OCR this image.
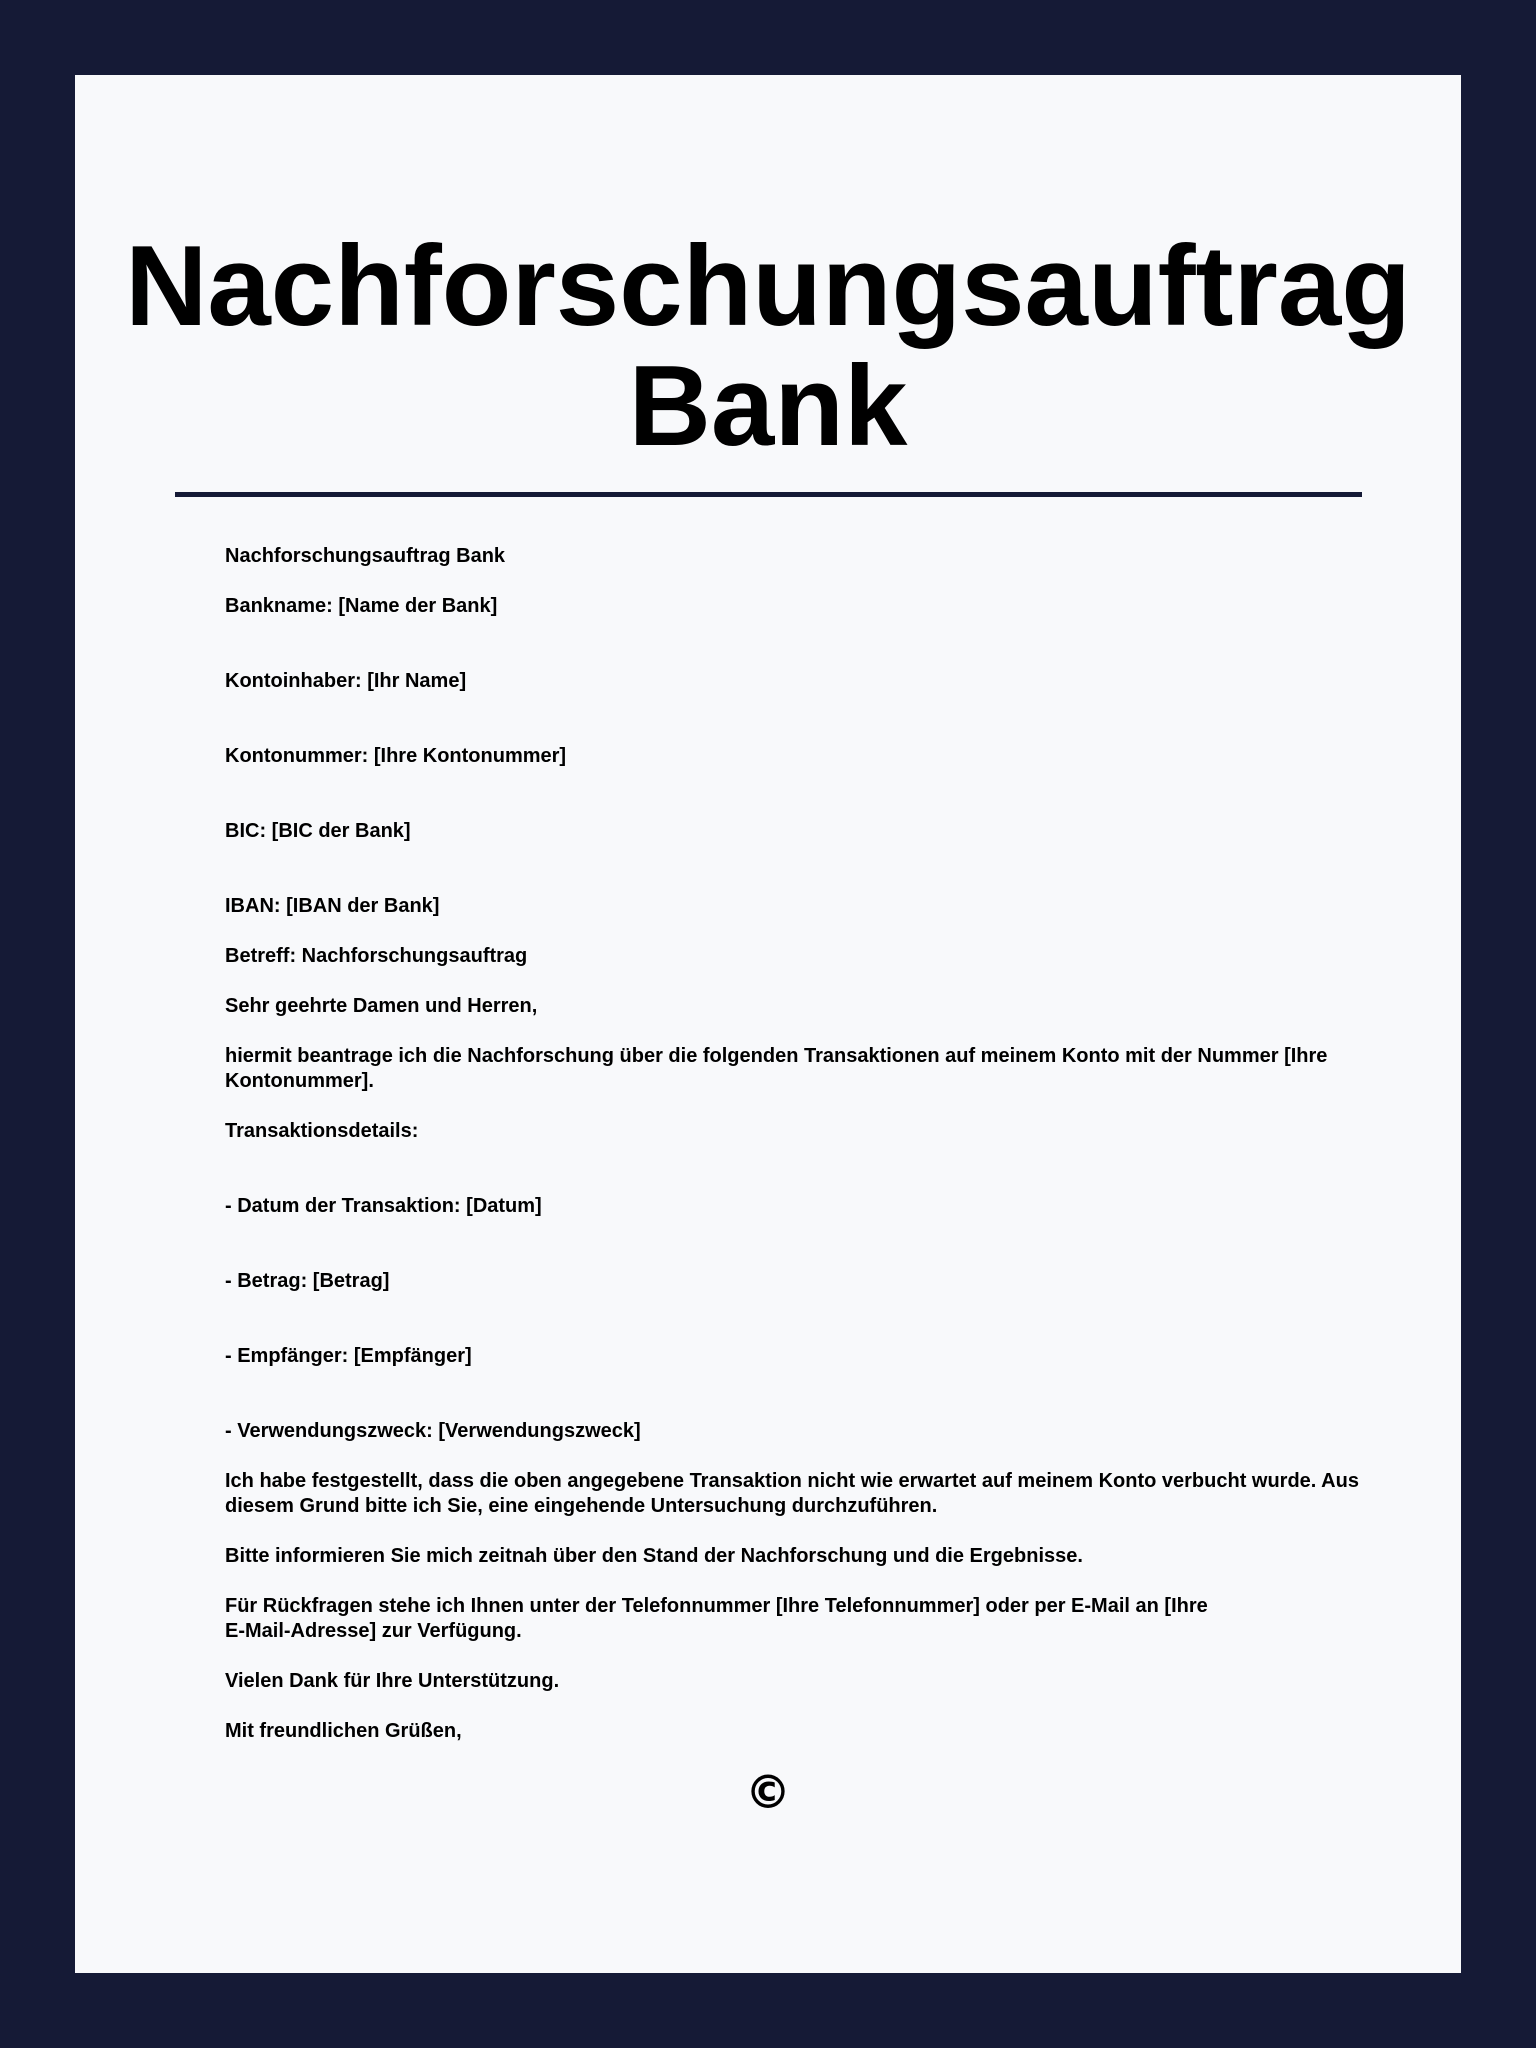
Nachforschungsauftrag Bank

Nachforschungsauftrag Bank

Bankname: [Name der Bank]

Kontoinhaber: [Ihr Name]

Kontonummer: [Ihre Kontonummer]

BIC: [BIC der Bank]

IBAN: [IBAN der Bank]

Betreff: Nachforschungsauftrag

Sehr geehrte Damen und Herren,

hiermit beantrage ich die Nachforschung über die folgenden Transaktionen auf meinem Konto mit der Nummer [Ihre Kontonummer].

Transaktionsdetails:

- Datum der Transaktion: [Datum]

- Betrag: [Betrag]

- Empfänger: [Empfänger]

- Verwendungszweck: [Verwendungszweck]

Ich habe festgestellt, dass die oben angegebene Transaktion nicht wie erwartet auf meinem Konto verbucht wurde. Aus diesem Grund bitte ich Sie, eine eingehende Untersuchung durchzuführen.

Bitte informieren Sie mich zeitnah über den Stand der Nachforschung und die Ergebnisse.

Für Rückfragen stehe ich Ihnen unter der Telefonnummer [Ihre Telefonnummer] oder per E-Mail an [Ihre E-Mail-Adresse] zur Verfügung.

Vielen Dank für Ihre Unterstützung.

Mit freundlichen Grüßen,

©
